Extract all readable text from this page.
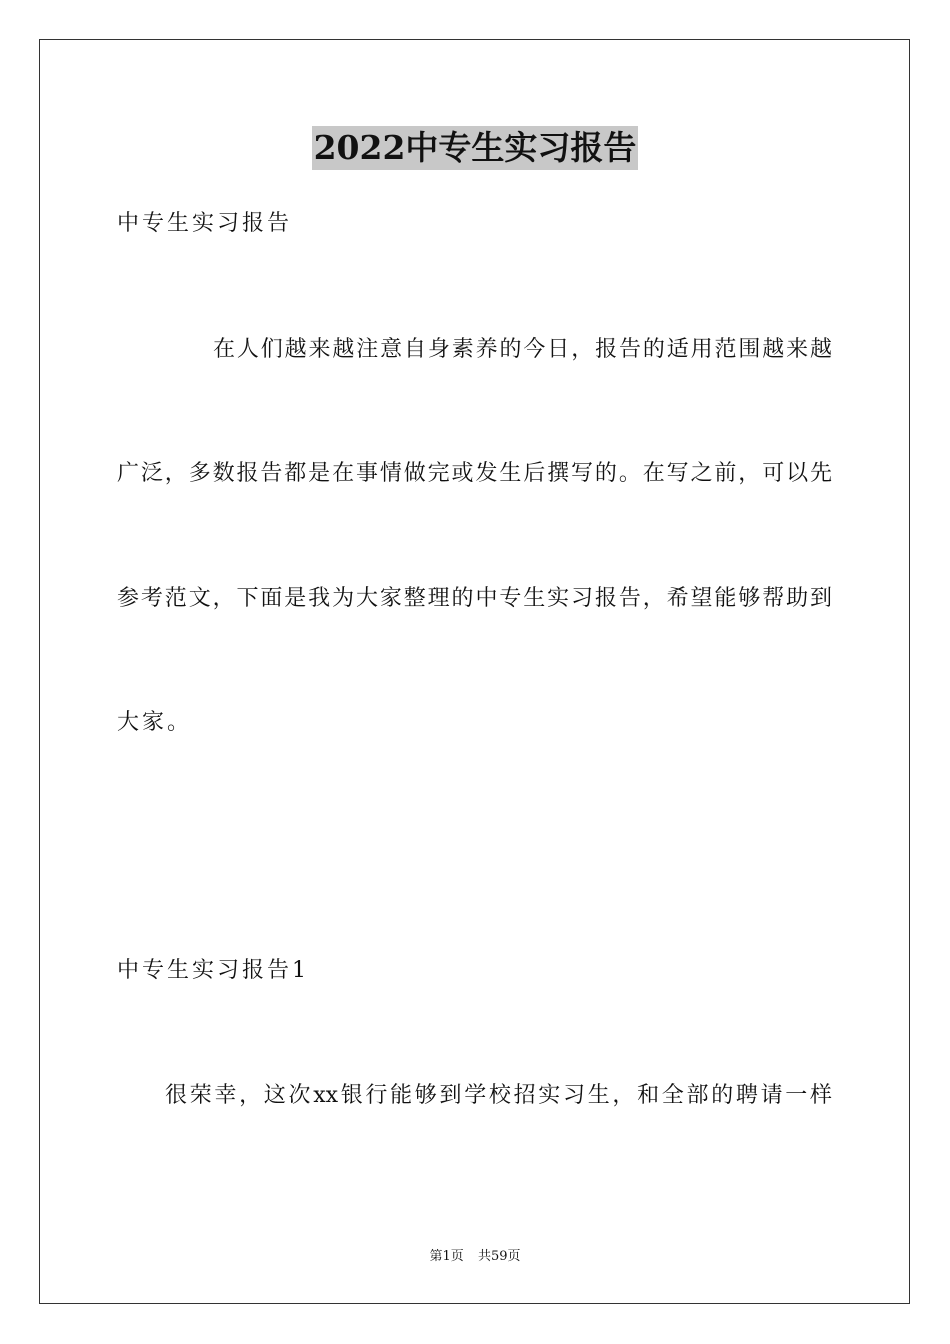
2022中专生实习报告
中专生实习报告
在人们越来越注意自身素养的今日，报告的适用范围越来越
广泛，多数报告都是在事情做完或发生后撰写的。在写之前，可以先
参考范文，下面是我为大家整理的中专生实习报告，希望能够帮助到
大家。
中专生实习报告1
很荣幸，这次xx银行能够到学校招实习生，和全部的聘请一样
第1页 共59页
